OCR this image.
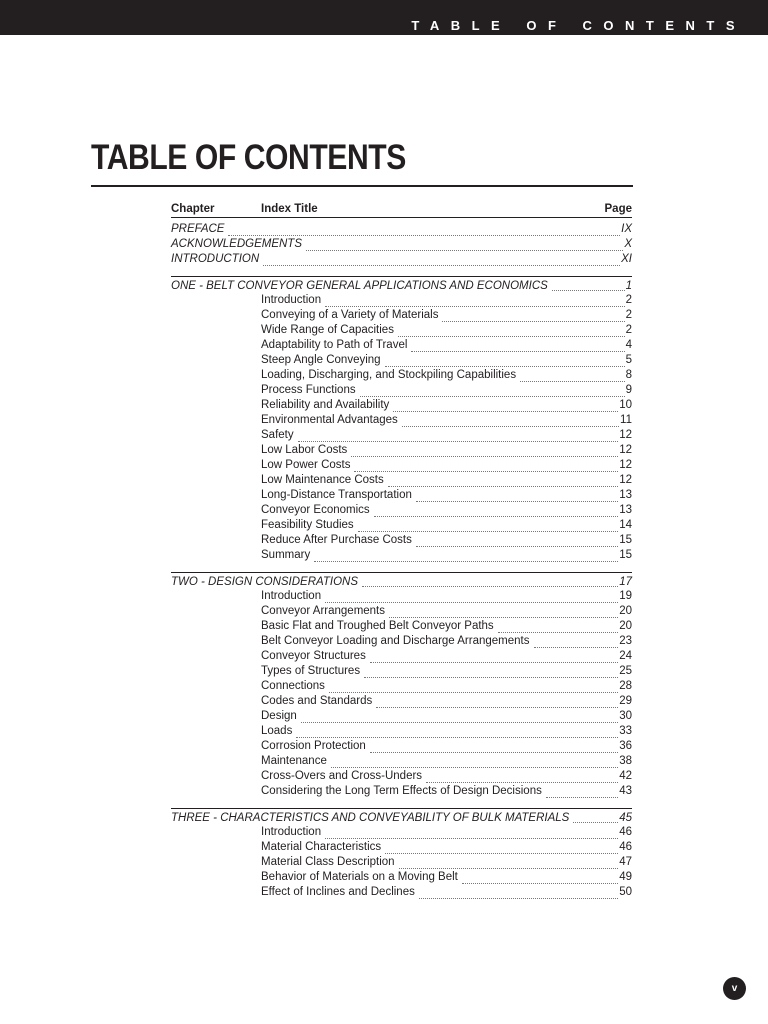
TABLE OF CONTENTS
TABLE OF CONTENTS
Chapter	Index Title	Page
PREFACE	IX
ACKNOWLEDGEMENTS	X
INTRODUCTION	XI
ONE - BELT CONVEYOR GENERAL APPLICATIONS AND ECONOMICS	1
Introduction	2
Conveying of a Variety of Materials	2
Wide Range of Capacities	2
Adaptability to Path of Travel	4
Steep Angle Conveying	5
Loading, Discharging, and Stockpiling Capabilities	8
Process Functions	9
Reliability and Availability	10
Environmental Advantages	11
Safety	12
Low Labor Costs	12
Low Power Costs	12
Low Maintenance Costs	12
Long-Distance Transportation	13
Conveyor Economics	13
Feasibility Studies	14
Reduce After Purchase Costs	15
Summary	15
TWO - DESIGN CONSIDERATIONS	17
Introduction	19
Conveyor Arrangements	20
Basic Flat and Troughed Belt Conveyor Paths	20
Belt Conveyor Loading and Discharge Arrangements	23
Conveyor Structures	24
Types of Structures	25
Connections	28
Codes and Standards	29
Design	30
Loads	33
Corrosion Protection	36
Maintenance	38
Cross-Overs and Cross-Unders	42
Considering the Long Term Effects of Design Decisions	43
THREE - CHARACTERISTICS AND CONVEYABILITY OF BULK MATERIALS	45
Introduction	46
Material Characteristics	46
Material Class Description	47
Behavior of Materials on a Moving Belt	49
Effect of Inclines and Declines	50
v
